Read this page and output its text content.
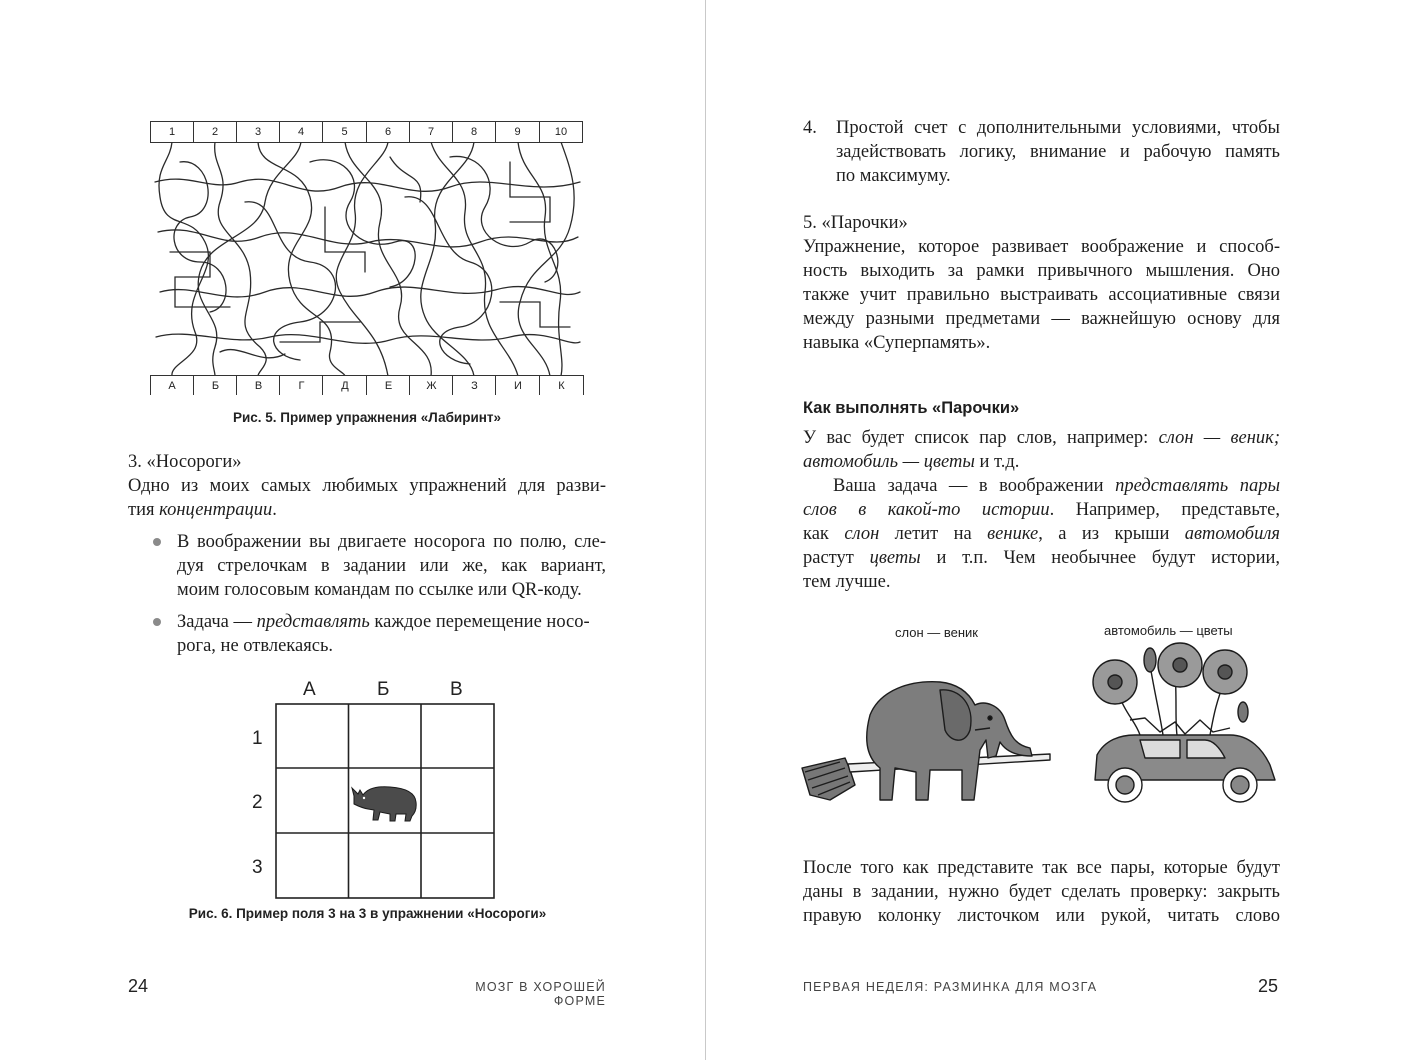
1	2	3	4	5	6	7	8	9	10
А	Б	В	Г	Д	Е	Ж	З	И	К
Рис. 5. Пример упражнения «Лабиринт»
3. «Носороги»
Одно из моих самых любимых упражнений для разви-
тия концентрации.
В воображении вы двигаете носорога по полю, сле-
дуя стрелочкам в задании или же, как вариант,
моим голосовым командам по ссылке или QR-коду.
Задача — представлять каждое перемещение носо-
рога, не отвлекаясь.
А	Б	В
1
2
3
Рис. 6. Пример поля 3 на 3 в упражнении «Носороги»
24	МОЗГ В ХОРОШЕЙ ФОРМЕ
4. Простой счет с дополнительными условиями, чтобы
задействовать логику, внимание и рабочую память
по максимуму.
5. «Парочки»
Упражнение, которое развивает воображение и способ-
ность выходить за рамки привычного мышления. Оно
также учит правильно выстраивать ассоциативные связи
между разными предметами — важнейшую основу для
навыка «Суперпамять».
Как выполнять «Парочки»
У вас будет список пар слов, например: слон — веник;
автомобиль — цветы и т.д.
Ваша задача — в воображении представлять пары
слов в какой-то истории. Например, представьте,
как слон летит на венике, а из крыши автомобиля
растут цветы и т.п. Чем необычнее будут истории,
тем лучше.
слон — веник	автомобиль — цветы
После того как представите так все пары, которые будут
даны в задании, нужно будет сделать проверку: закрыть
правую колонку листочком или рукой, читать слово
ПЕРВАЯ НЕДЕЛЯ: РАЗМИНКА ДЛЯ МОЗГА	25
